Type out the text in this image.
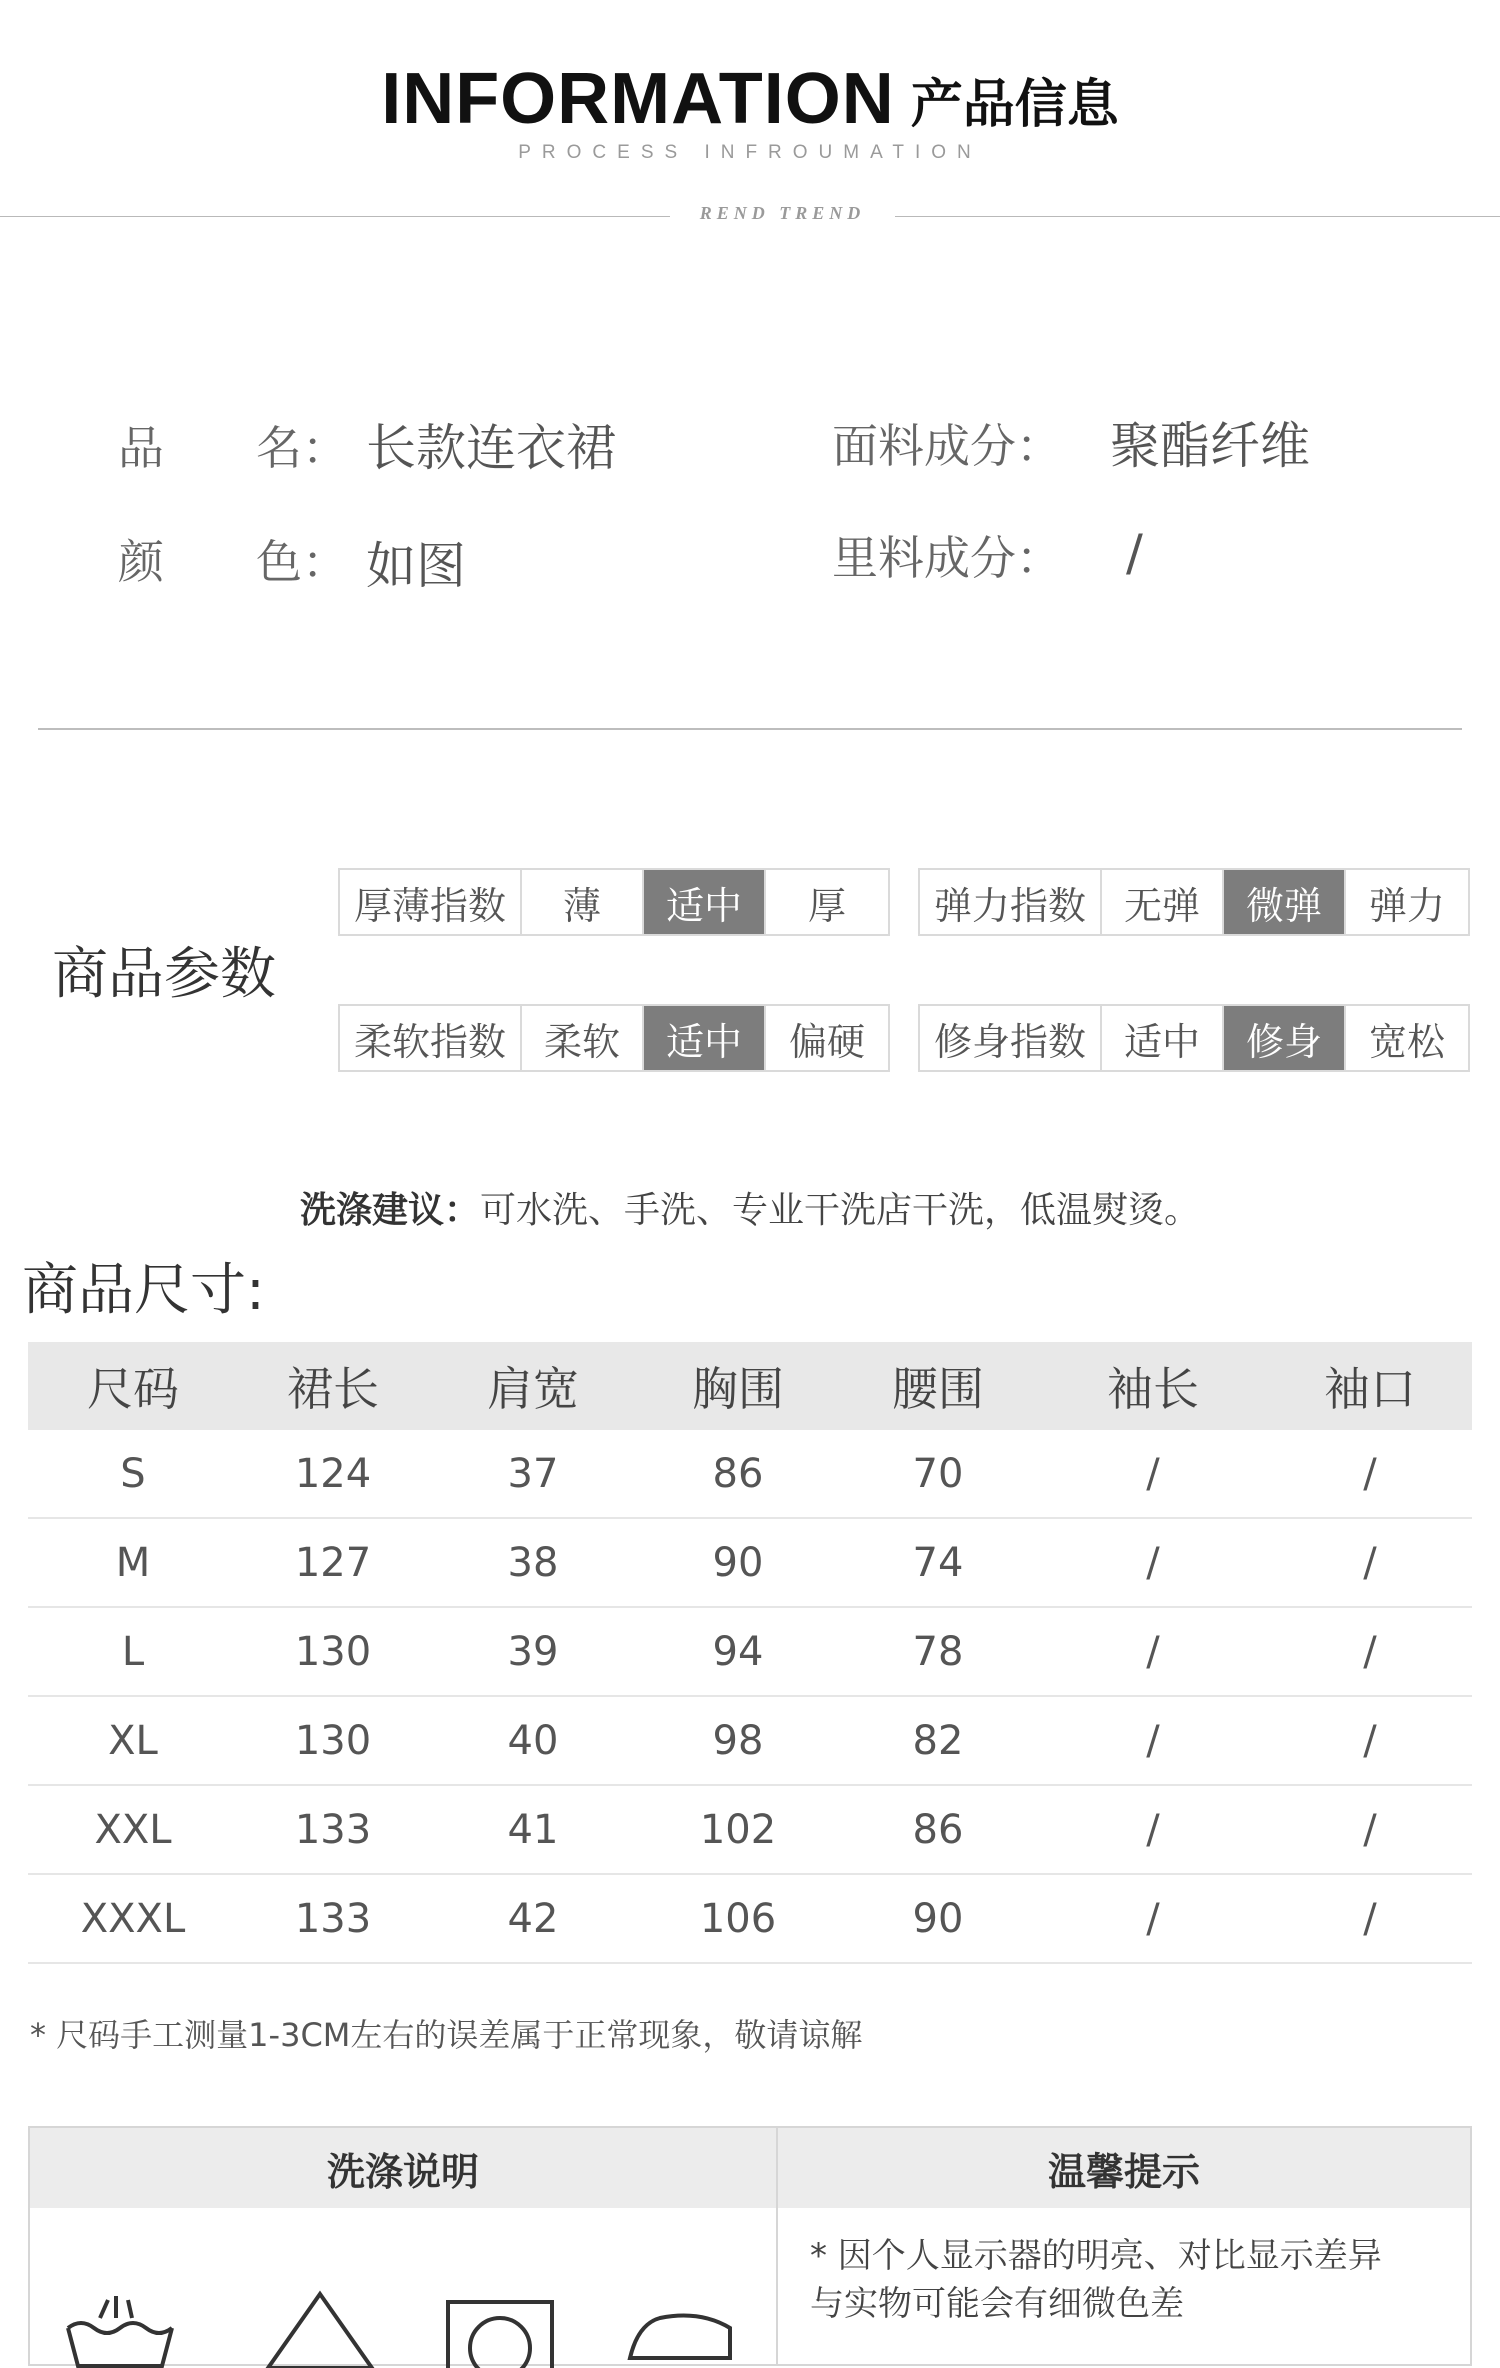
INFORMATION 产品信息
PROCESS INFROUMATION
REND TREND
品　　名： 长款连衣裙
颜　　色： 如图
面料成分： 聚酯纤维
里料成分： /
商品参数
厚薄指数	薄	适中	厚	弹力指数 无弹	微弹	弹力
柔软指数 柔软	适中	偏硬	修身指数 适中	修身	宽松
洗涤建议：可水洗、手洗、专业干洗店干洗，低温熨烫。
商品尺寸:
尺码	裙长	肩宽	胸围	腰围	袖长	袖口
S	124	37	86	70	/	/
M	127	38	90	74	/	/
L	130	39	94	78	/	/
XL	130	40	98	82	/	/
XXL	133	41	102	86	/	/
XXXL	133	42	106	90	/	/
* 尺码手工测量1-3CM左右的误差属于正常现象，敬请谅解
洗涤说明	温馨提示
* 因个人显示器的明亮、对比显示差异
与实物可能会有细微色差
